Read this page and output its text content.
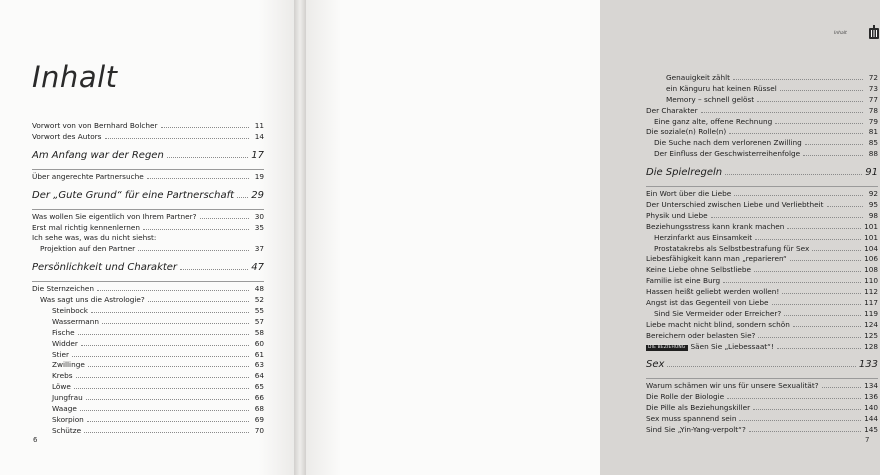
Inhalt
Vorwort von von Bernhard Bolcher	11
Vorwort des Autors	14
Am Anfang war der Regen	17
Über angerechte Partnersuche	19
Der „Gute Grund“ für eine Partnerschaft 29
Was wollen Sie eigentlich von Ihrem Partner?	30
Erst mal richtig kennenlernen	35
Ich sehe was, was du nicht siehst:
Projektion auf den Partner	37
Persönlichkeit und Charakter	47
Die Sternzeichen	48
Was sagt uns die Astrologie?	52
Steinbock	55
Wassermann	57
Fische	58
Widder	60
Stier	61
Zwillinge	63
Krebs	64
Löwe	65
Jungfrau	66
Waage	68
Skorpion	69
Schütze	70
6
Inhalt
Genauigkeit zählt	72
ein Känguru hat keinen Rüssel	73
Memory – schnell gelöst	77
Der Charakter	78
Eine ganz alte, offene Rechnung	79
Die soziale(n) Rolle(n)	81
Die Suche nach dem verlorenen Zwilling	85
Der Einfluss der Geschwisterreihenfolge	88
Die Spielregeln	91
Ein Wort über die Liebe	92
Der Unterschied zwischen Liebe und Verliebtheit	95
Physik und Liebe	98
Beziehungsstress kann krank machen	101
Herzinfarkt aus Einsamkeit	101
Prostatakrebs als Selbstbestrafung für Sex	104
Liebesfähigkeit kann man „reparieren“	106
Keine Liebe ohne Selbstliebe	108
Familie ist eine Burg	110
Hassen heißt geliebt werden wollen!	112
Angst ist das Gegenteil von Liebe	117
Sind Sie Vermeider oder Erreicher?	119
Liebe macht nicht blind, sondern schön	124
Bereichern oder belasten Sie?	125
DIE BEZIEHUNG Säen Sie „Liebessaat“!	128
Sex	133
Warum schämen wir uns für unsere Sexualität?	134
Die Rolle der Biologie	136
Die Pille als Beziehungskiller	140
Sex muss spannend sein	144
Sind Sie „Yin-Yang-verpolt“?	145
7
